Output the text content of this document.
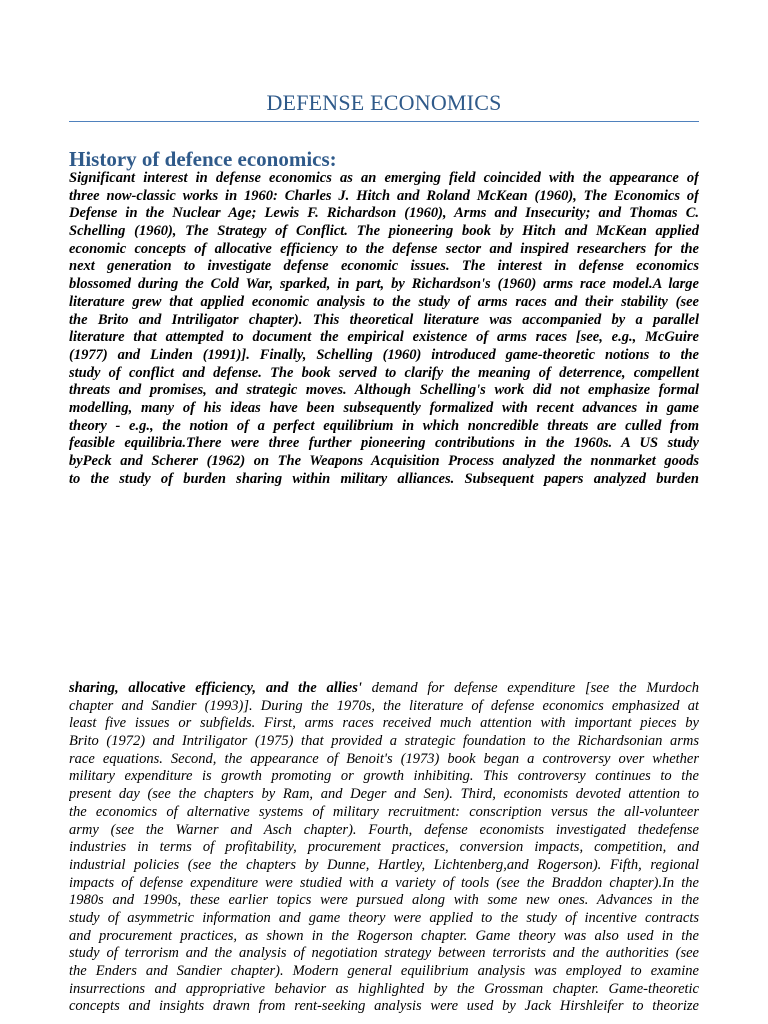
DEFENSE ECONOMICS
History of defence economics:
Significant interest in defense economics as an emerging field coincided with the appearance of
three now-classic works in 1960: Charles J. Hitch and Roland McKean (1960), The Economics of
Defense in the Nuclear Age; Lewis F. Richardson (1960), Arms and Insecurity; and Thomas C.
Schelling (1960), The Strategy of Conflict. The pioneering book by Hitch and McKean applied
economic concepts of allocative efficiency to the defense sector and inspired researchers for the
next generation to investigate defense economic issues. The interest in defense economics
blossomed during the Cold War, sparked, in part, by Richardson's (1960) arms race model.A large
literature grew that applied economic analysis to the study of arms races and their stability (see
the Brito and Intriligator chapter). This theoretical literature was accompanied by a parallel
literature that attempted to document the empirical existence of arms races [see, e.g., McGuire
(1977) and Linden (1991)]. Finally, Schelling (1960) introduced game-theoretic notions to the
study of conflict and defense. The book served to clarify the meaning of deterrence, compellent
threats and promises, and strategic moves. Although Schelling's work did not emphasize formal
modelling, many of his ideas have been subsequently formalized with recent advances in game
theory - e.g., the notion of a perfect equilibrium in which noncredible threats are culled from
feasible equilibria.There were three further pioneering contributions in the 1960s. A US study
byPeck and Scherer (1962) on The Weapons Acquisition Process analyzed the nonmarket goods
to the study of burden sharing within military alliances. Subsequent papers analyzed burden
sharing, allocative efficiency, and the allies' demand for defense expenditure [see the Murdoch
chapter and Sandier (1993)]. During the 1970s, the literature of defense economics emphasized at
least five issues or subfields. First, arms races received much attention with important pieces by
Brito (1972) and Intriligator (1975) that provided a strategic foundation to the Richardsonian arms
race equations. Second, the appearance of Benoit's (1973) book began a controversy over whether
military expenditure is growth promoting or growth inhibiting. This controversy continues to the
present day (see the chapters by Ram, and Deger and Sen). Third, economists devoted attention to
the economics of alternative systems of military recruitment: conscription versus the all-volunteer
army (see the Warner and Asch chapter). Fourth, defense economists investigated thedefense
industries in terms of profitability, procurement practices, conversion impacts, competition, and
industrial policies (see the chapters by Dunne, Hartley, Lichtenberg,and Rogerson). Fifth, regional
impacts of defense expenditure were studied with a variety of tools (see the Braddon chapter).In the
1980s and 1990s, these earlier topics were pursued along with some new ones. Advances in the
study of asymmetric information and game theory were applied to the study of incentive contracts
and procurement practices, as shown in the Rogerson chapter. Game theory was also used in the
study of terrorism and the analysis of negotiation strategy between terrorists and the authorities (see
the Enders and Sandier chapter). Modern general equilibrium analysis was employed to examine
insurrections and appropriative behavior as highlighted by the Grossman chapter. Game-theoretic
concepts and insights drawn from rent-seeking analysis were used by Jack Hirshleifer to theorize
